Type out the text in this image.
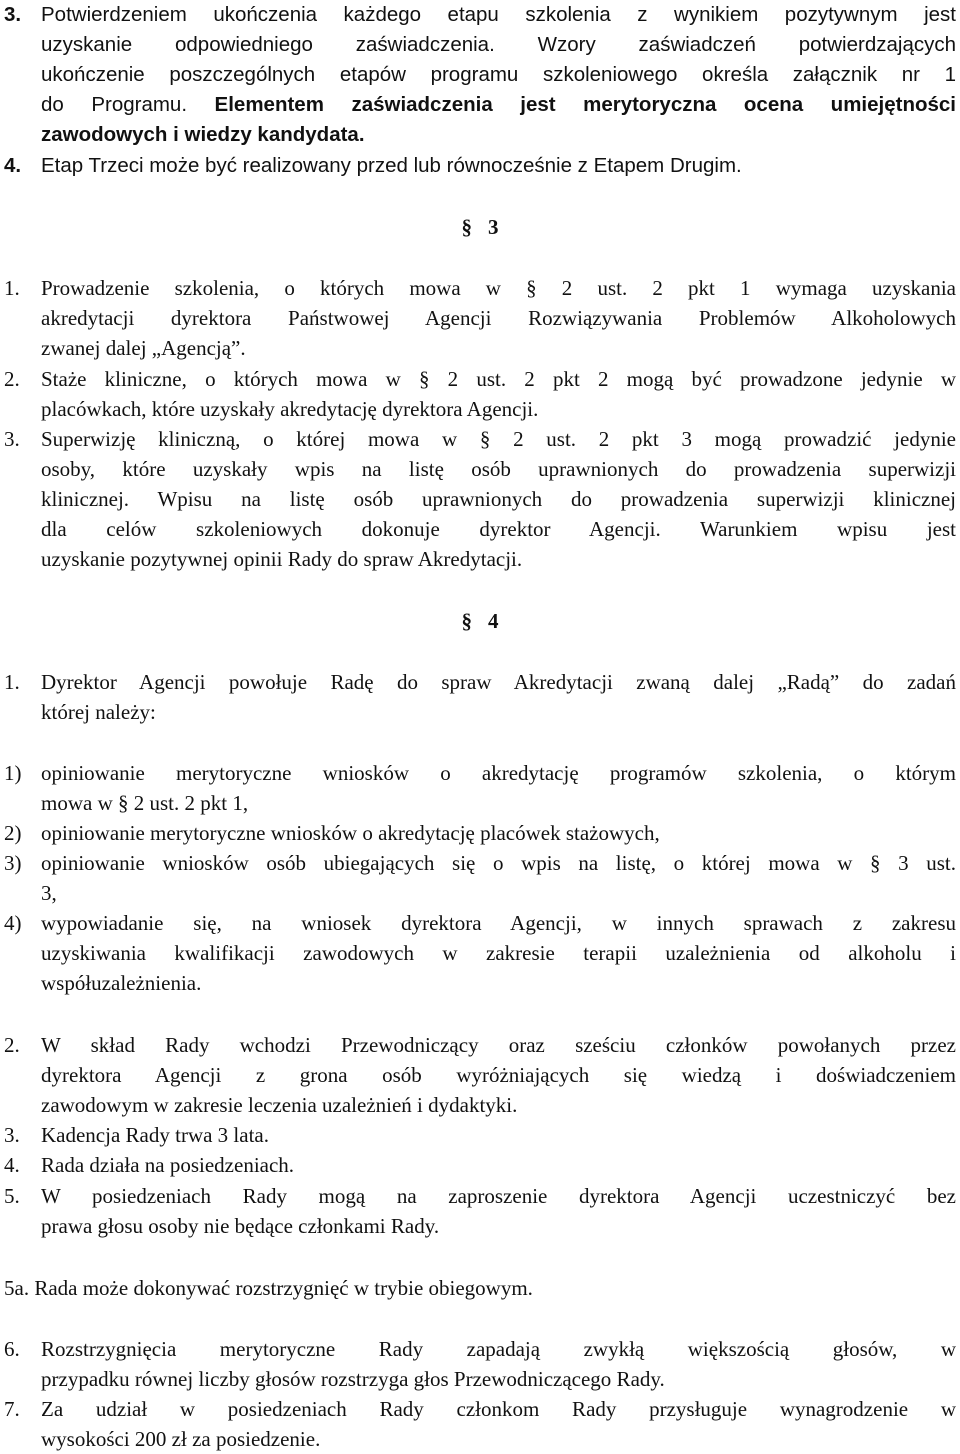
3. Potwierdzeniem ukończenia każdego etapu szkolenia z wynikiem pozytywnym jest
uzyskanie odpowiedniego zaświadczenia. Wzory zaświadczeń potwierdzających
ukończenie poszczególnych etapów programu szkoleniowego określa załącznik nr 1
do Programu. Elementem zaświadczenia jest merytoryczna ocena umiejętności
zawodowych i wiedzy kandydata.
4. Etap Trzeci może być realizowany przed lub równocześnie z Etapem Drugim.
§ 3
1. Prowadzenie szkolenia, o których mowa w § 2 ust. 2 pkt 1 wymaga uzyskania
akredytacji dyrektora Państwowej Agencji Rozwiązywania Problemów Alkoholowych
zwanej dalej „Agencją”.
2. Staże kliniczne, o których mowa w § 2 ust. 2 pkt 2 mogą być prowadzone jedynie w
placówkach, które uzyskały akredytację dyrektora Agencji.
3. Superwizję kliniczną, o której mowa w § 2 ust. 2 pkt 3 mogą prowadzić jedynie
osoby, które uzyskały wpis na listę osób uprawnionych do prowadzenia superwizji
klinicznej. Wpisu na listę osób uprawnionych do prowadzenia superwizji klinicznej
dla celów szkoleniowych dokonuje dyrektor Agencji. Warunkiem wpisu jest
uzyskanie pozytywnej opinii Rady do spraw Akredytacji.
§ 4
1. Dyrektor Agencji powołuje Radę do spraw Akredytacji zwaną dalej „Radą” do zadań
której należy:
1) opiniowanie merytoryczne wniosków o akredytację programów szkolenia, o którym
mowa w § 2 ust. 2 pkt 1,
2) opiniowanie merytoryczne wniosków o akredytację placówek stażowych,
3) opiniowanie wniosków osób ubiegających się o wpis na listę, o której mowa w § 3 ust.
3,
4) wypowiadanie się, na wniosek dyrektora Agencji, w innych sprawach z zakresu
uzyskiwania kwalifikacji zawodowych w zakresie terapii uzależnienia od alkoholu i
współuzależnienia.
2. W skład Rady wchodzi Przewodniczący oraz sześciu członków powołanych przez
dyrektora Agencji z grona osób wyróżniających się wiedzą i doświadczeniem
zawodowym w zakresie leczenia uzależnień i dydaktyki.
3. Kadencja Rady trwa 3 lata.
4. Rada działa na posiedzeniach.
5. W posiedzeniach Rady mogą na zaproszenie dyrektora Agencji uczestniczyć bez
prawa głosu osoby nie będące członkami Rady.
5a. Rada może dokonywać rozstrzygnięć w trybie obiegowym.
6. Rozstrzygnięcia merytoryczne Rady zapadają zwykłą większością głosów, w
przypadku równej liczby głosów rozstrzyga głos Przewodniczącego Rady.
7. Za udział w posiedzeniach Rady członkom Rady przysługuje wynagrodzenie w
wysokości 200 zł za posiedzenie.
